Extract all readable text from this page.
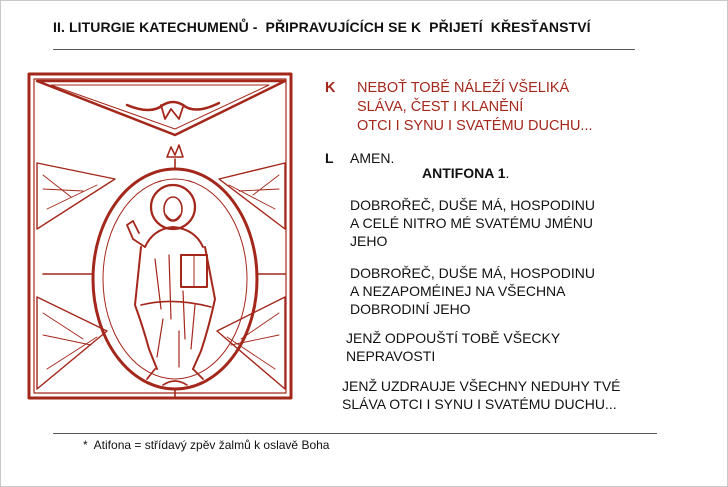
II. LITURGIE KATECHUMENŮ -  PŘIPRAVUJÍCÍCH SE K  PŘIJETÍ  KŘESŤANSTVÍ
K NEBOŤ TOBĚ NÁLEŽÍ VŠELIKÁ
SLÁVA, ČEST I KLANĚNÍ
OTCI I SYNU I SVATÉMU DUCHU...
L AMEN.
ANTIFONA 1.
DOBROŘEČ, DUŠE MÁ, HOSPODINU
A CELÉ NITRO MÉ SVATÉMU JMÉNU
JEHO
DOBROŘEČ, DUŠE MÁ, HOSPODINU
A NEZAPOMÉINEJ NA VŠECHNA
DOBRODINÍ JEHO
JENŽ ODPOUŠTÍ TOBĚ VŠECKY
NEPRAVOSTI
JENŽ UZDRAUJE VŠECHNY NEDUHY TVÉ
SLÁVA OTCI I SYNU I SVATÉMU DUCHU...
*  Atifona = střídavý zpěv žalmů k oslavě Boha
